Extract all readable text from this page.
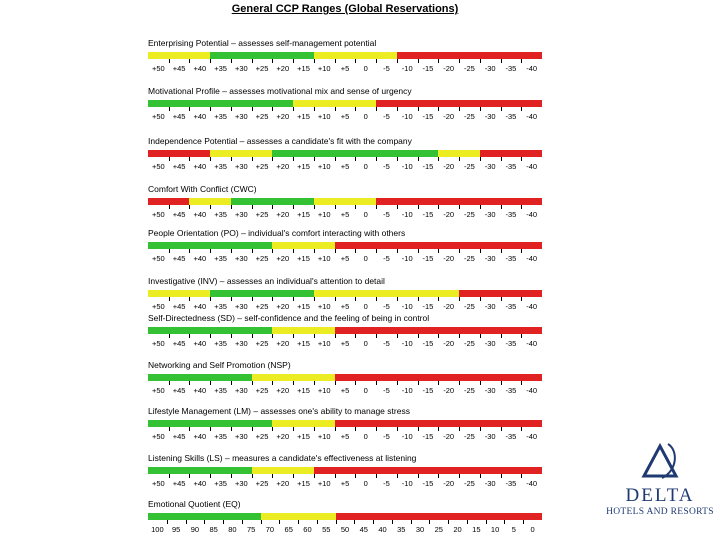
General CCP Ranges (Global Reservations)
Enterprising Potential – assesses self-management potential
+50 +45 +40 +35 +30 +25 +20 +15 +10 +5 0 -5 -10 -15 -20 -25 -30 -35 -40
Motivational Profile – assesses motivational mix and sense of urgency
+50 +45 +40 +35 +30 +25 +20 +15 +10 +5 0 -5 -10 -15 -20 -25 -30 -35 -40
Independence Potential – assesses a candidate's fit with the company
+50 +45 +40 +35 +30 +25 +20 +15 +10 +5 0 -5 -10 -15 -20 -25 -30 -35 -40
Comfort With Conflict (CWC)
+50 +45 +40 +35 +30 +25 +20 +15 +10 +5 0 -5 -10 -15 -20 -25 -30 -35 -40
People Orientation (PO) – individual's comfort interacting with others
+50 +45 +40 +35 +30 +25 +20 +15 +10 +5 0 -5 -10 -15 -20 -25 -30 -35 -40
Investigative (INV) – assesses an individual's attention to detail
+50 +45 +40 +35 +30 +25 +20 +15 +10 +5 0 -5 -10 -15 -20 -25 -30 -35 -40
Self-Directedness (SD) – self-confidence and the feeling of being in control
+50 +45 +40 +35 +30 +25 +20 +15 +10 +5 0 -5 -10 -15 -20 -25 -30 -35 -40
Networking and Self Promotion (NSP)
+50 +45 +40 +35 +30 +25 +20 +15 +10 +5 0 -5 -10 -15 -20 -25 -30 -35 -40
Lifestyle Management (LM) – assesses one's ability to manage stress
+50 +45 +40 +35 +30 +25 +20 +15 +10 +5 0 -5 -10 -15 -20 -25 -30 -35 -40
Listening Skills (LS) – measures a candidate's effectiveness at listening
+50 +45 +40 +35 +30 +25 +20 +15 +10 +5 0 -5 -10 -15 -20 -25 -30 -35 -40
Emotional Quotient (EQ)
100 95 90 85 80 75 70 65 60 55 50 45 40 35 30 25 20 15 10 5 0
DELTA
HOTELS AND RESORTS
